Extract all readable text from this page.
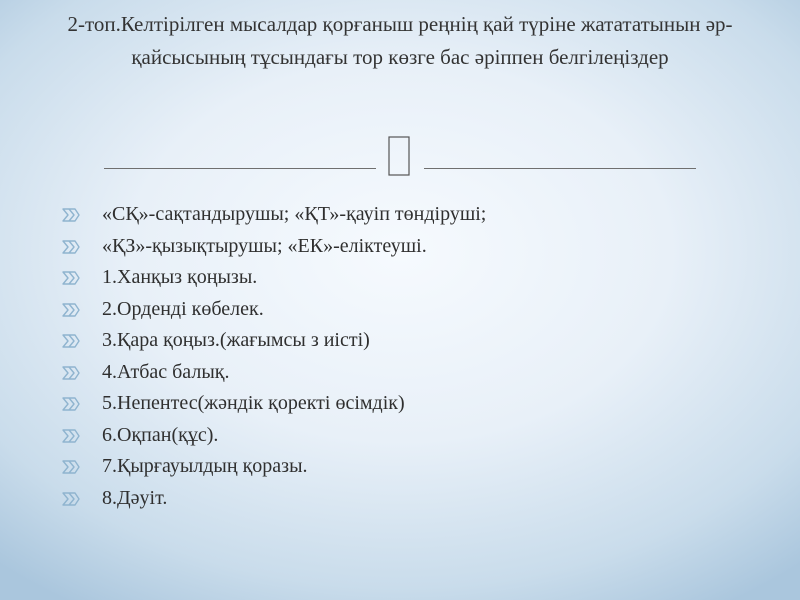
2-топ.Келтірілген мысалдар қорғаныш реңнің қай түріне жатататынын әр- қайсысының тұсындағы тор көзге бас әріппен белгілеңіздер
«СҚ»-сақтандырушы; «ҚТ»-қауіп төндіруші;
«ҚЗ»-қызықтырушы; «ЕК»-еліктеуші.
1.Ханқыз қоңызы.
2.Орденді көбелек.
3.Қара қоңыз.(жағымсы з иісті)
4.Атбас балық.
5.Непентес(жәндік қоректі өсімдік)
6.Оқпан(құс).
7.Қырғауылдың қоразы.
8.Дәуіт.
